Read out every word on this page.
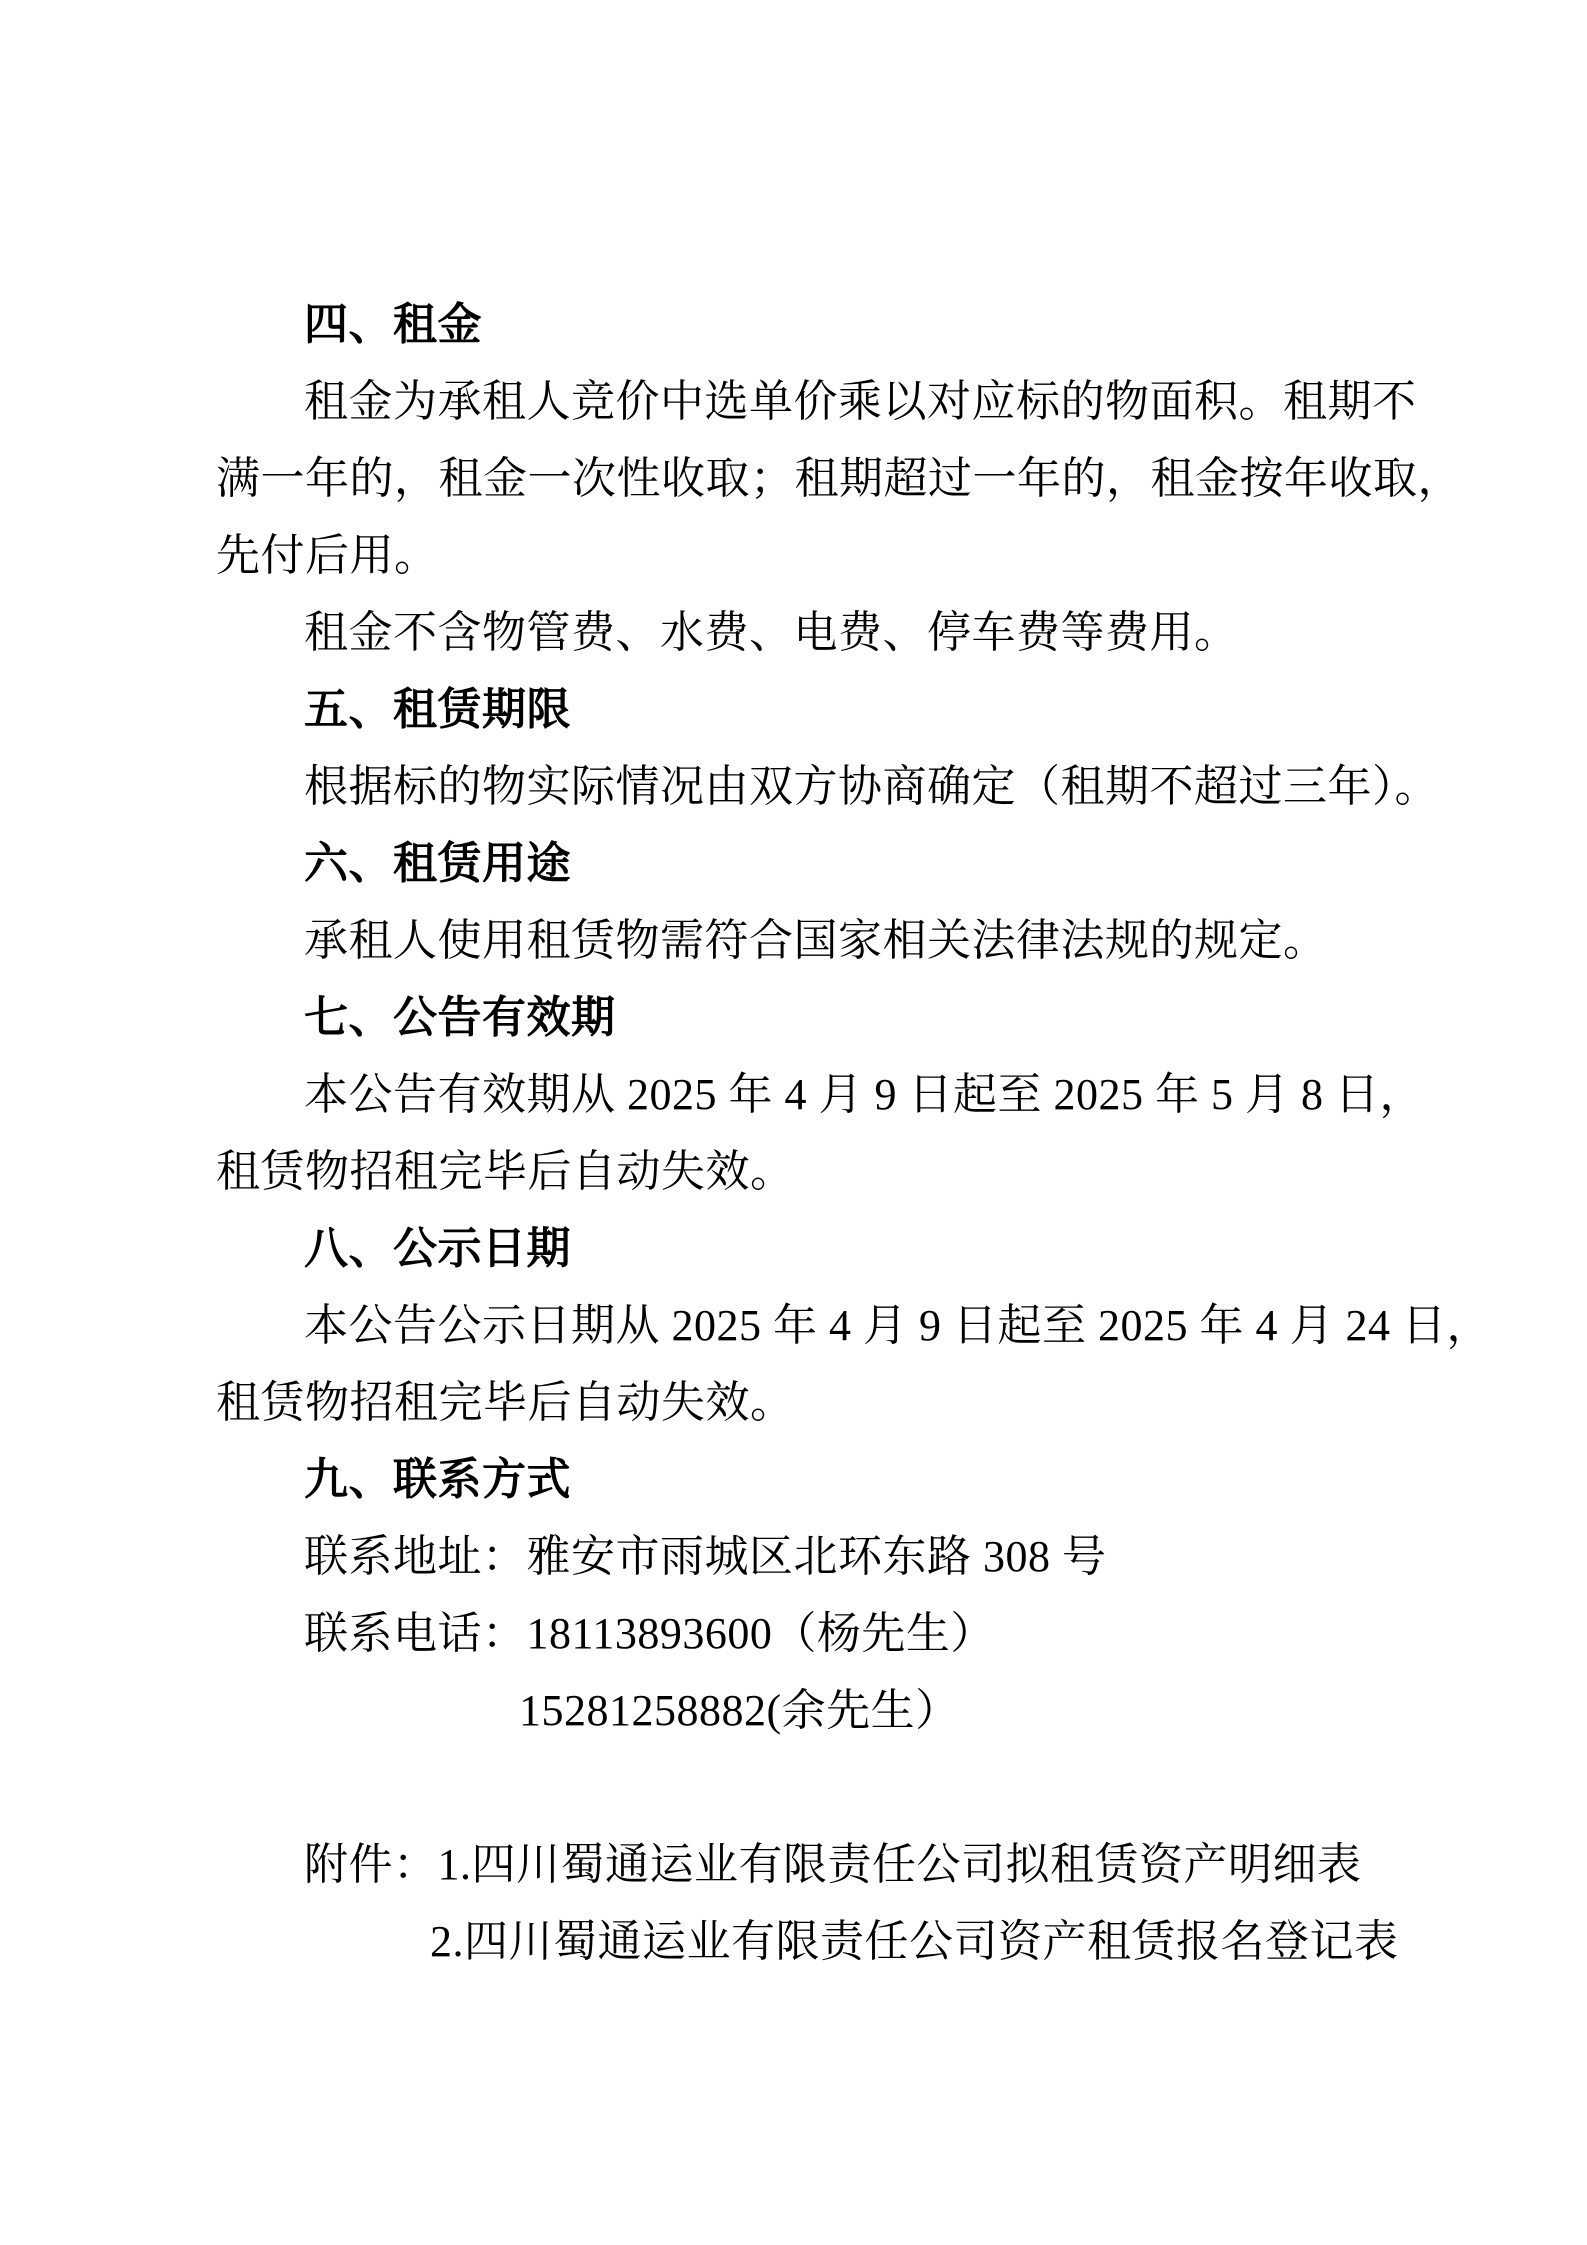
四、租金
租金为承租人竞价中选单价乘以对应标的物面积。租期不
满一年的，租金一次性收取；租期超过一年的，租金按年收取，
先付后用。
租金不含物管费、水费、电费、停车费等费用。
五、租赁期限
根据标的物实际情况由双方协商确定（租期不超过三年）。
六、租赁用途
承租人使用租赁物需符合国家相关法律法规的规定。
七、公告有效期
本公告有效期从 2025 年 4 月 9 日起至 2025 年 5 月 8 日，
租赁物招租完毕后自动失效。
八、公示日期
本公告公示日期从 2025 年 4 月 9 日起至 2025 年 4 月 24 日，
租赁物招租完毕后自动失效。
九、联系方式
联系地址：雅安市雨城区北环东路 308 号
联系电话：18113893600（杨先生）
15281258882(余先生）
附件：1.四川蜀通运业有限责任公司拟租赁资产明细表
2.四川蜀通运业有限责任公司资产租赁报名登记表
